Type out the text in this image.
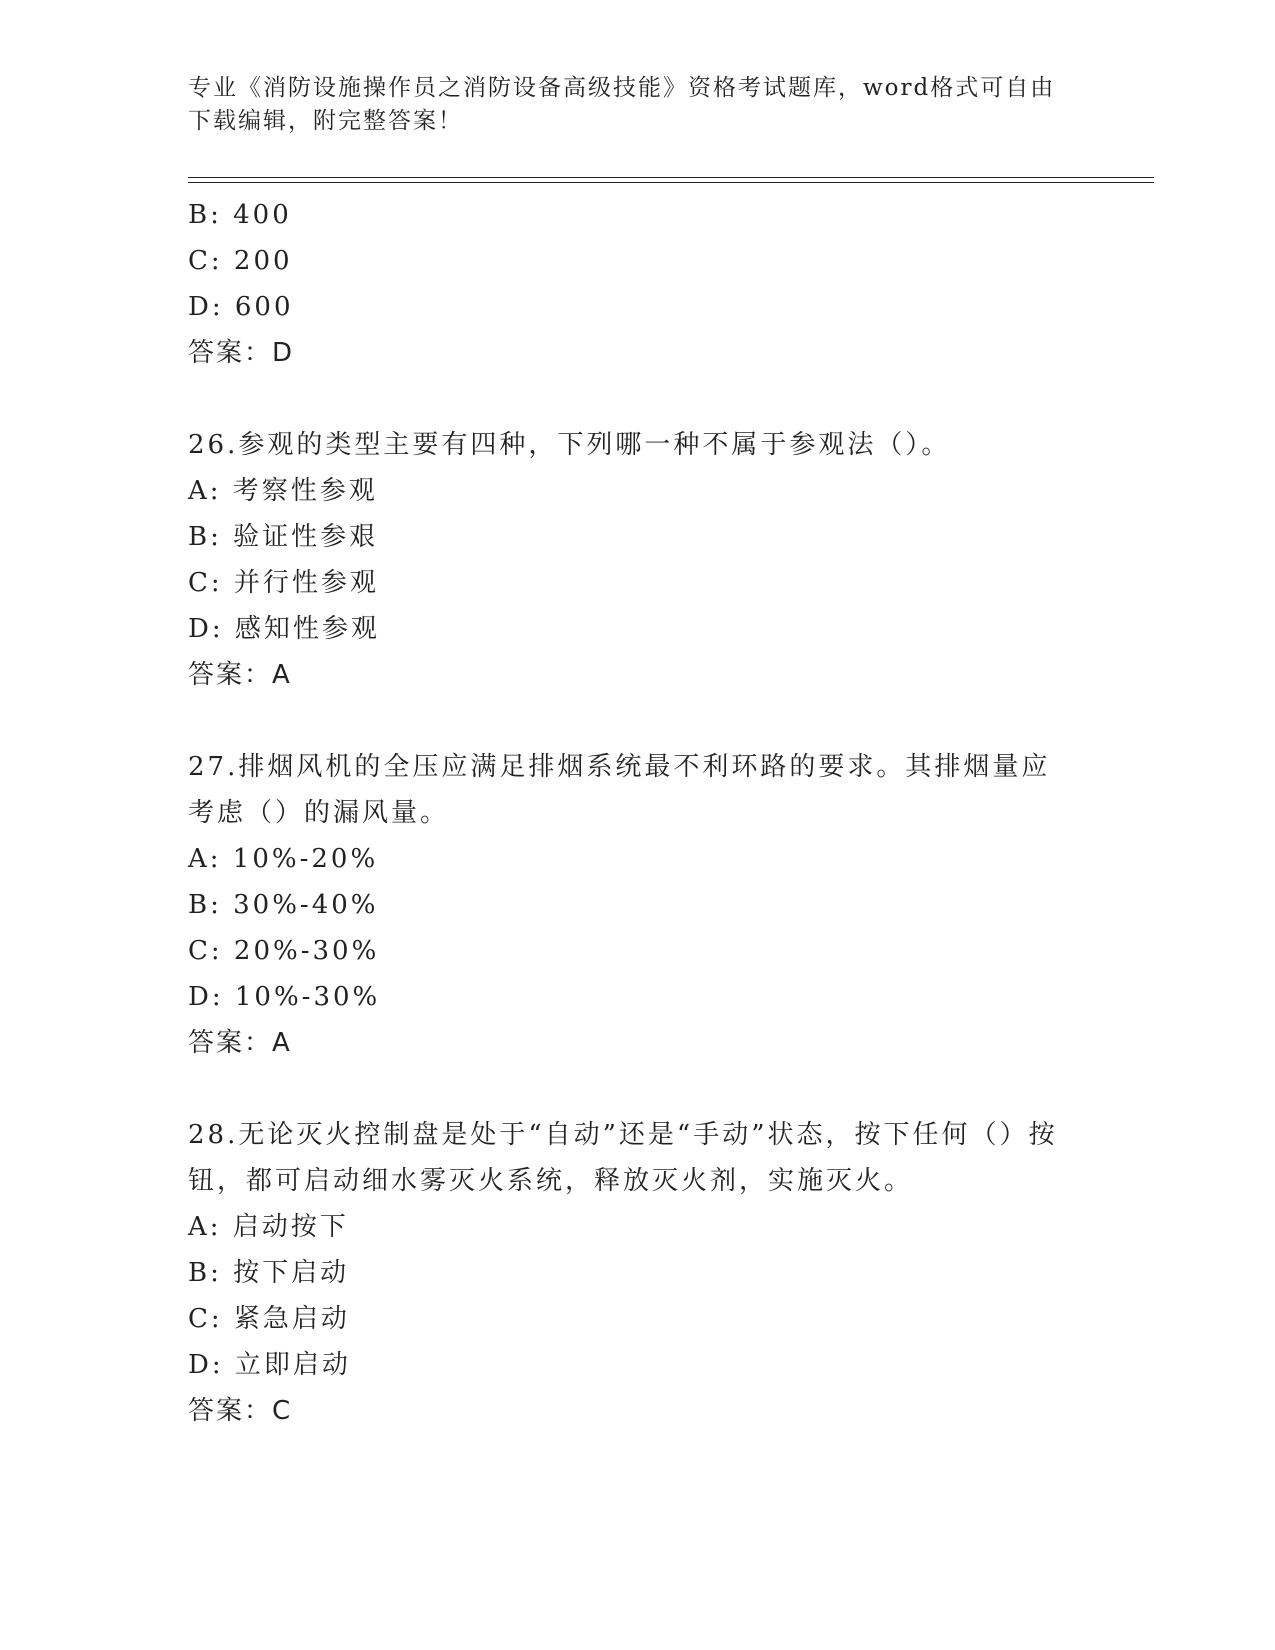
专业《消防设施操作员之消防设备高级技能》资格考试题库，word格式可自由下载编辑，附完整答案！
B: 400
C: 200
D: 600
答案：D
26.参观的类型主要有四种，下列哪一种不属于参观法（）。
A: 考察性参观
B: 验证性参艰
C: 并行性参观
D: 感知性参观
答案：A
27.排烟风机的全压应满足排烟系统最不利环路的要求。其排烟量应考虑（）的漏风量。
A: 10%-20%
B: 30%-40%
C: 20%-30%
D: 10%-30%
答案：A
28.无论灭火控制盘是处于“自动”还是“手动”状态，按下任何（）按钮，都可启动细水雾灭火系统，释放灭火剂，实施灭火。
A: 启动按下
B: 按下启动
C: 紧急启动
D: 立即启动
答案：C
